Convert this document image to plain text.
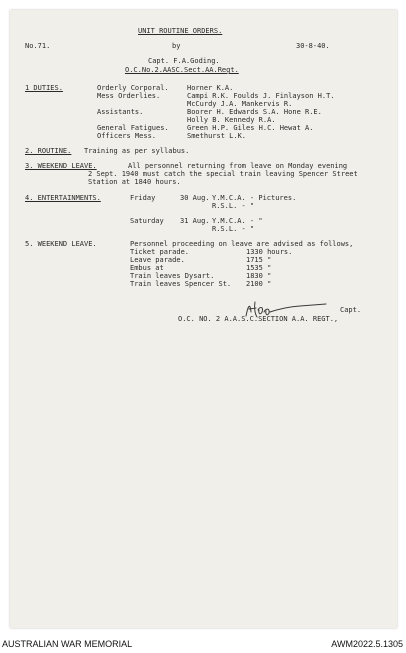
UNIT ROUTINE ORDERS.
No.71.	by	30-8-40.
Capt. F.A.Goding.
O.C.No.2.AASC.Sect.AA.Regt.
1 DUTIES.	Orderly Corporal.	Horner K.A.
Mess Orderlies.	Campi R.K. Foulds J. Finlayson H.T.
McCurdy J.A. Mankervis R.
Assistants.	Boorer H. Edwards S.A. Hone R.E.
Holly B. Kennedy R.A.
General Fatigues.	Green H.P. Giles H.C. Hewat A.
Officers Mess.	Smethurst L.K.
2. ROUTINE. Training as per syllabus.
3. WEEKEND LEAVE.	All personnel returning from leave on Monday evening
2 Sept. 1940 must catch the special train leaving Spencer Street
Station at 1840 hours.
4. ENTERTAINMENTS.	Friday	30 Aug. Y.M.C.A. - Pictures.
R.S.L. - "
Saturday 31 Aug. Y.M.C.A. - "
R.S.L. - "
5. WEEKEND LEAVE.	Personnel proceeding on leave are advised as follows,
Ticket parade.	1330 hours.
Leave parade.	1715 "
Embus at	1535 "
Train leaves Dysart.	1830 "
Train leaves Spencer St. 2100 "
Capt.
O.C. NO. 2 A.A.S.C.SECTION A.A. REGT.,
AUSTRALIAN WAR MEMORIAL	AWM2022.5.1305
